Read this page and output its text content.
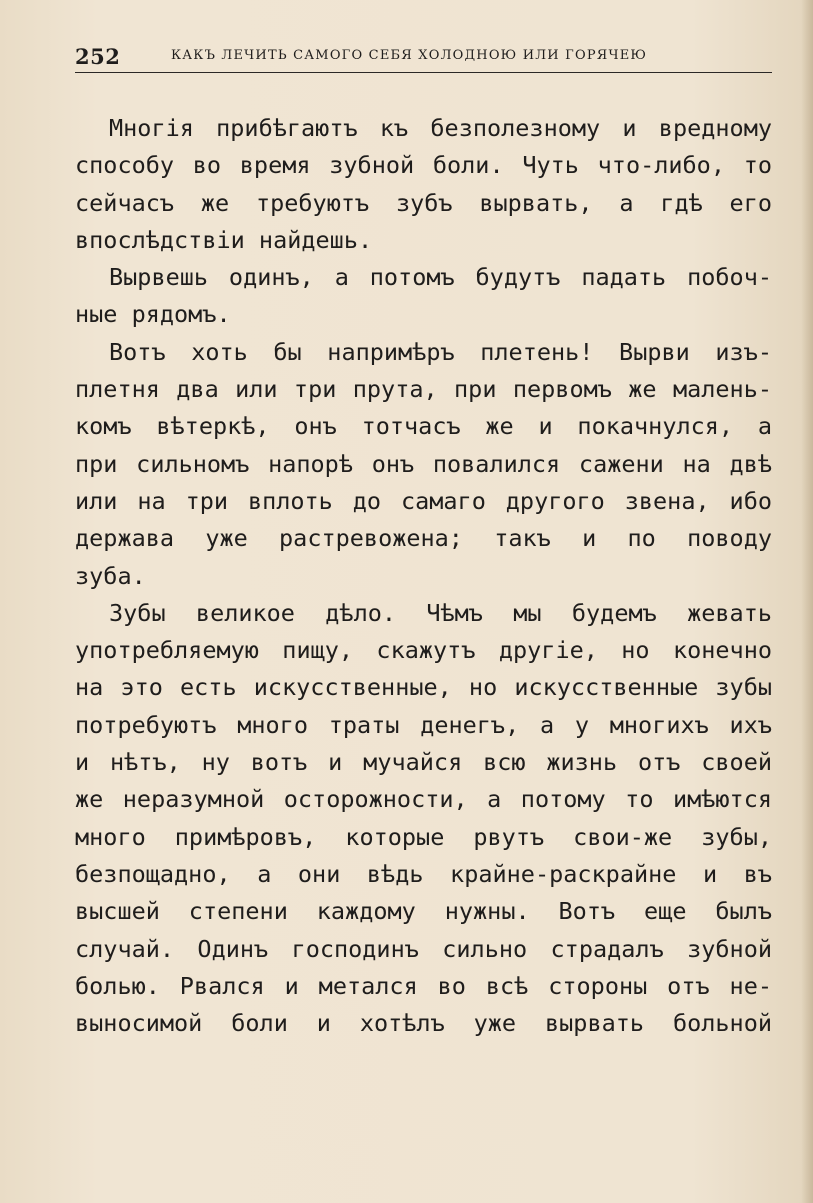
252	КАКЪ ЛЕЧИТЬ САМОГО СЕБЯ ХОЛОДНОЮ ИЛИ ГОРЯЧЕЮ
Многія прибѣгаютъ къ безполезному и вредному
способу во время зубной боли. Чуть что-либо, то
сейчасъ же требуютъ зубъ вырвать, а гдѣ его
впослѣдствіи найдешь.
Вырвешь одинъ, а потомъ будутъ падать побоч-
ные рядомъ.
Вотъ хоть бы напримѣръ плетень! Вырви изъ-
плетня два или три прута, при первомъ же малень-
комъ вѣтеркѣ, онъ тотчасъ же и покачнулся, а
при сильномъ напорѣ онъ повалился сажени на двѣ
или на три вплоть до самаго другого звена, ибо
держава уже растревожена; такъ и по поводу
зуба.
Зубы великое дѣло. Чѣмъ мы будемъ жевать
употребляемую пищу, скажутъ другіе, но конечно
на это есть искусственные, но искусственные зубы
потребуютъ много траты денегъ, а у многихъ ихъ
и нѣтъ, ну вотъ и мучайся всю жизнь отъ своей
же неразумной осторожности, а потому то имѣются
много примѣровъ, которые рвутъ свои-же зубы,
безпощадно, а они вѣдь крайне-раскрайне и въ
высшей степени каждому нужны. Вотъ еще былъ
случай. Одинъ господинъ сильно страдалъ зубной
болью. Рвался и метался во всѣ стороны отъ не-
выносимой боли и хотѣлъ уже вырвать больной
